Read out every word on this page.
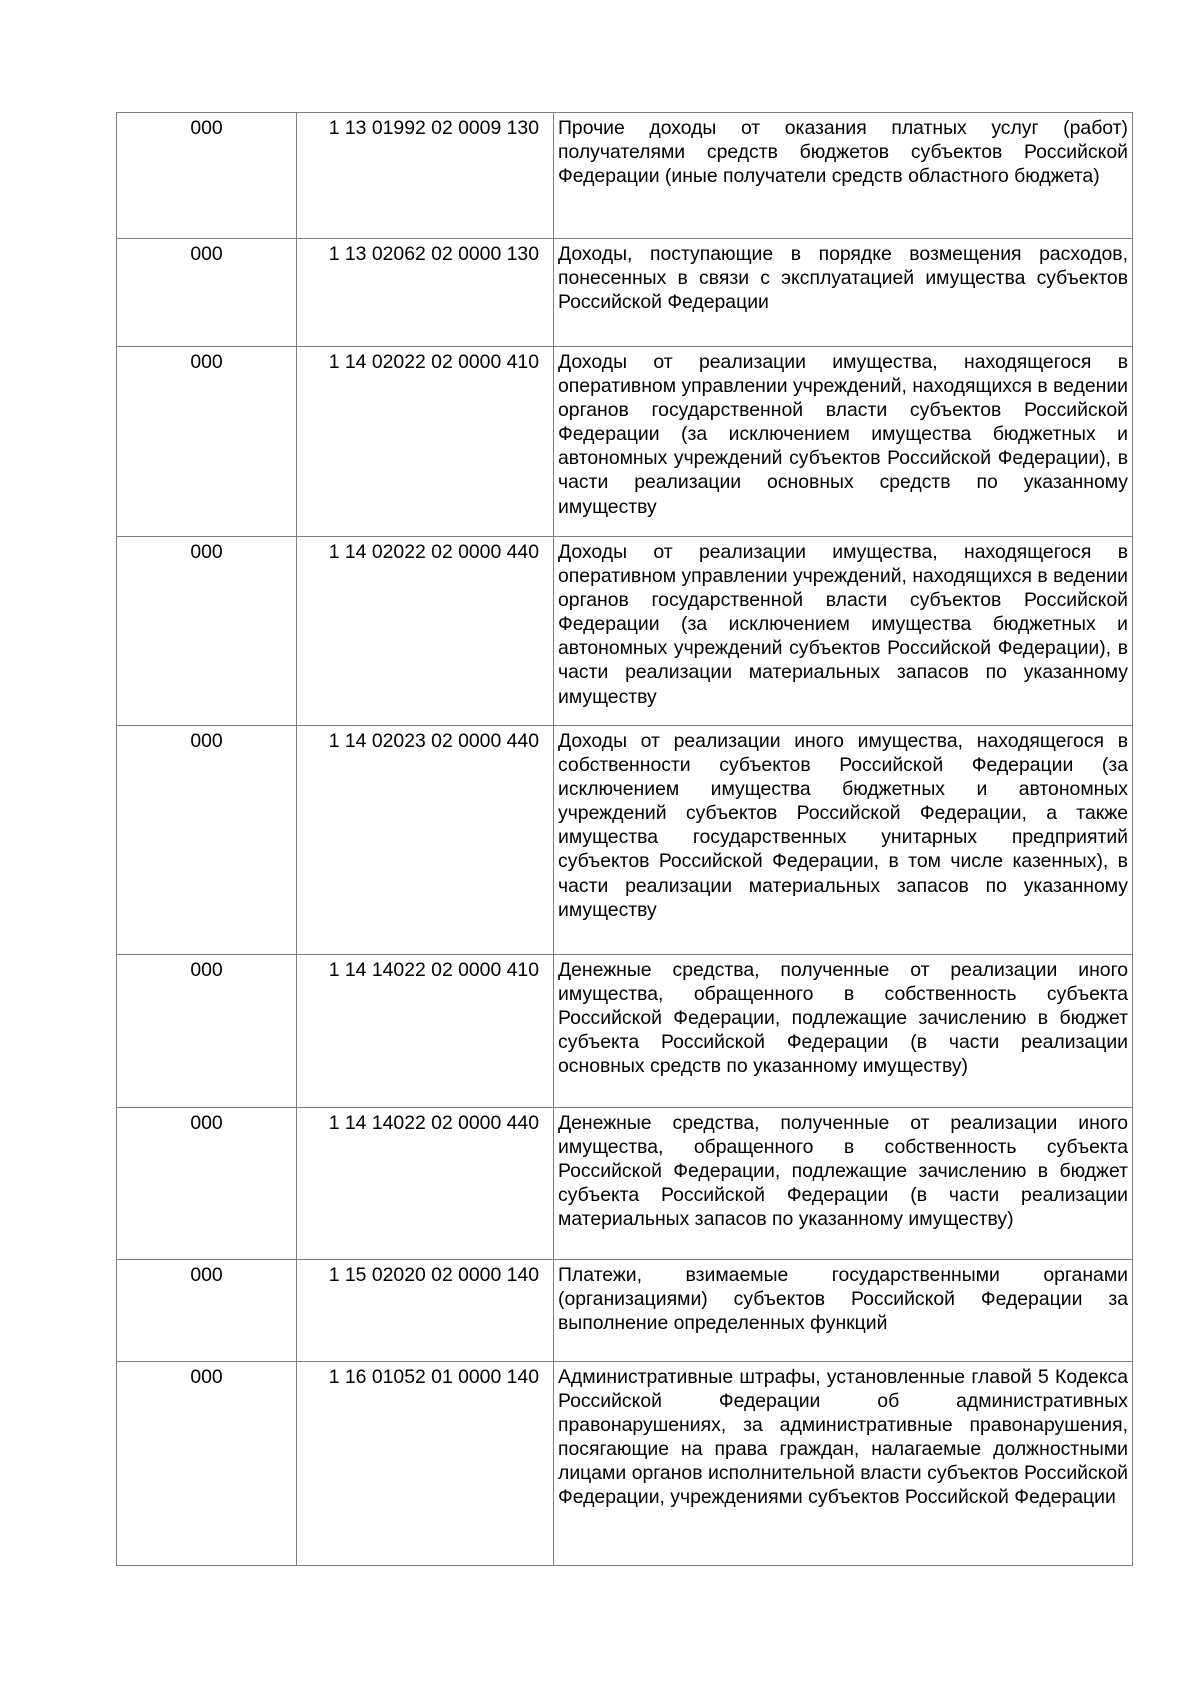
000	1 13 01992 02 0009 130	Прочие доходы от оказания платных услуг (работ) получателями средств бюджетов субъектов Российской Федерации (иные получатели средств областного бюджета)
000	1 13 02062 02 0000 130	Доходы, поступающие в порядке возмещения расходов, понесенных в связи с эксплуатацией имущества субъектов Российской Федерации
000	1 14 02022 02 0000 410	Доходы от реализации имущества, находящегося в оперативном управлении учреждений, находящихся в ведении органов государственной власти субъектов Российской Федерации (за исключением имущества бюджетных и автономных учреждений субъектов Российской Федерации), в части реализации основных средств по указанному имуществу
000	1 14 02022 02 0000 440	Доходы от реализации имущества, находящегося в оперативном управлении учреждений, находящихся в ведении органов государственной власти субъектов Российской Федерации (за исключением имущества бюджетных и автономных учреждений субъектов Российской Федерации), в части реализации материальных запасов по указанному имуществу
000	1 14 02023 02 0000 440	Доходы от реализации иного имущества, находящегося в собственности субъектов Российской Федерации (за исключением имущества бюджетных и автономных учреждений субъектов Российской Федерации, а также имущества государственных унитарных предприятий субъектов Российской Федерации, в том числе казенных), в части реализации материальных запасов по указанному имуществу
000	1 14 14022 02 0000 410	Денежные средства, полученные от реализации иного имущества, обращенного в собственность субъекта Российской Федерации, подлежащие зачислению в бюджет субъекта Российской Федерации (в части реализации основных средств по указанному имуществу)
000	1 14 14022 02 0000 440	Денежные средства, полученные от реализации иного имущества, обращенного в собственность субъекта Российской Федерации, подлежащие зачислению в бюджет субъекта Российской Федерации (в части реализации материальных запасов по указанному имуществу)
000	1 15 02020 02 0000 140	Платежи, взимаемые государственными органами (организациями) субъектов Российской Федерации за выполнение определенных функций
000	1 16 01052 01 0000 140	Административные штрафы, установленные главой 5 Кодекса Российской Федерации об административных правонарушениях, за административные правонарушения, посягающие на права граждан, налагаемые должностными лицами органов исполнительной власти субъектов Российской Федерации, учреждениями субъектов Российской Федерации
